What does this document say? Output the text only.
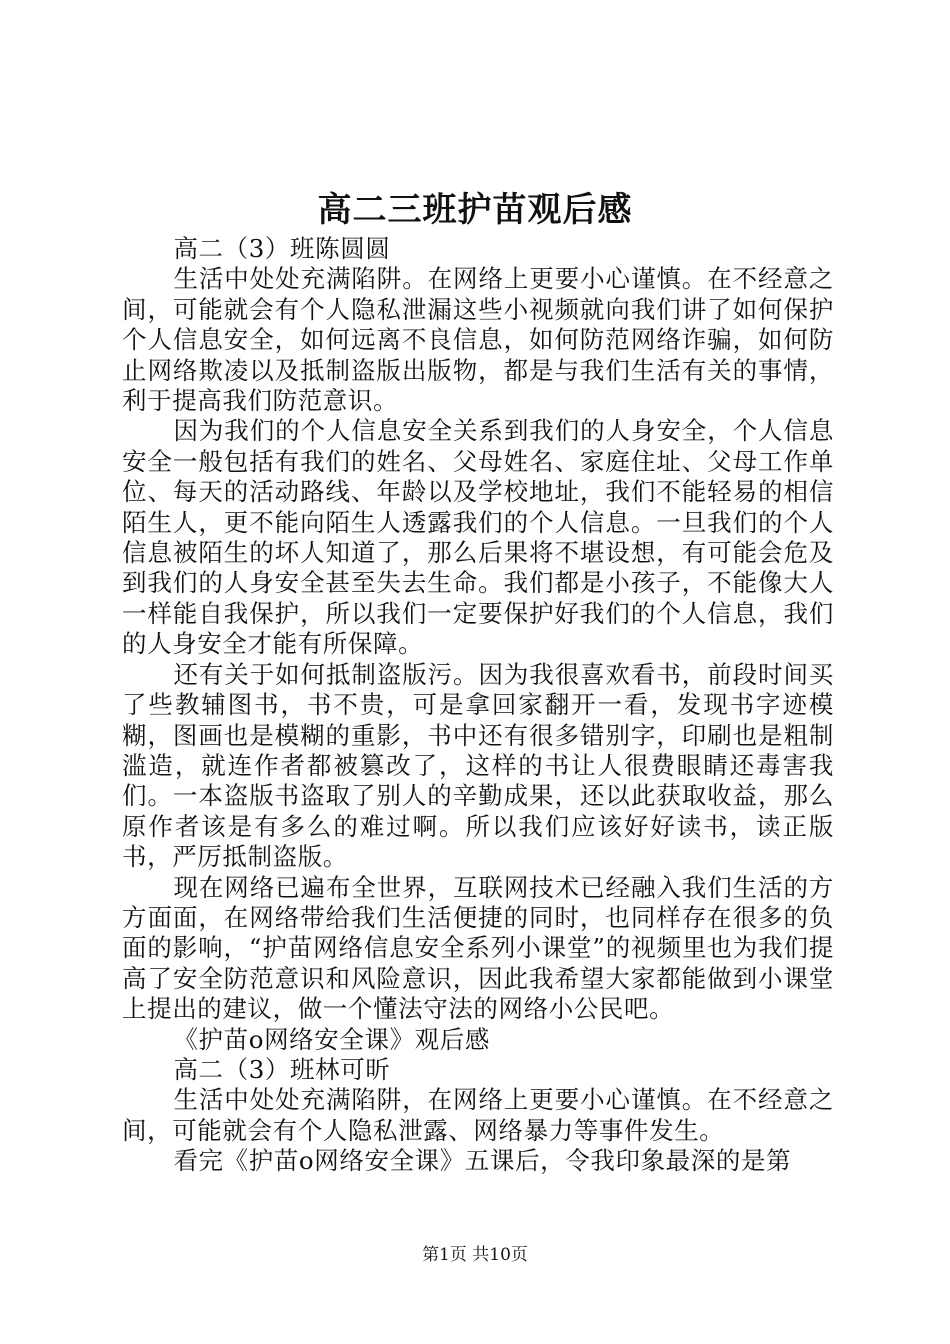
高二三班护苗观后感

高二（3）班陈圆圆

生活中处处充满陷阱。在网络上更要小心谨慎。在不经意之间，可能就会有个人隐私泄漏这些小视频就向我们讲了如何保护个人信息安全，如何远离不良信息，如何防范网络诈骗，如何防止网络欺凌以及抵制盗版出版物，都是与我们生活有关的事情，利于提高我们防范意识。

因为我们的个人信息安全关系到我们的人身安全，个人信息安全一般包括有我们的姓名、父母姓名、家庭住址、父母工作单位、每天的活动路线、年龄以及学校地址，我们不能轻易的相信陌生人，更不能向陌生人透露我们的个人信息。一旦我们的个人信息被陌生的坏人知道了，那么后果将不堪设想，有可能会危及到我们的人身安全甚至失去生命。我们都是小孩子，不能像大人一样能自我保护，所以我们一定要保护好我们的个人信息，我们的人身安全才能有所保障。

还有关于如何抵制盗版污。因为我很喜欢看书，前段时间买了些教辅图书，书不贵，可是拿回家翻开一看，发现书字迹模糊，图画也是模糊的重影，书中还有很多错别字，印刷也是粗制滥造，就连作者都被篡改了，这样的书让人很费眼睛还毒害我们。一本盗版书盗取了别人的辛勤成果，还以此获取收益，那么原作者该是有多么的难过啊。所以我们应该好好读书，读正版书，严厉抵制盗版。

现在网络已遍布全世界，互联网技术已经融入我们生活的方方面面，在网络带给我们生活便捷的同时，也同样存在很多的负面的影响，“护苗网络信息安全系列小课堂”的视频里也为我们提高了安全防范意识和风险意识，因此我希望大家都能做到小课堂上提出的建议，做一个懂法守法的网络小公民吧。

《护苗ο网络安全课》观后感

高二（3）班林可昕

生活中处处充满陷阱，在网络上更要小心谨慎。在不经意之间，可能就会有个人隐私泄露、网络暴力等事件发生。

看完《护苗ο网络安全课》五课后，令我印象最深的是第

第1页 共10页
